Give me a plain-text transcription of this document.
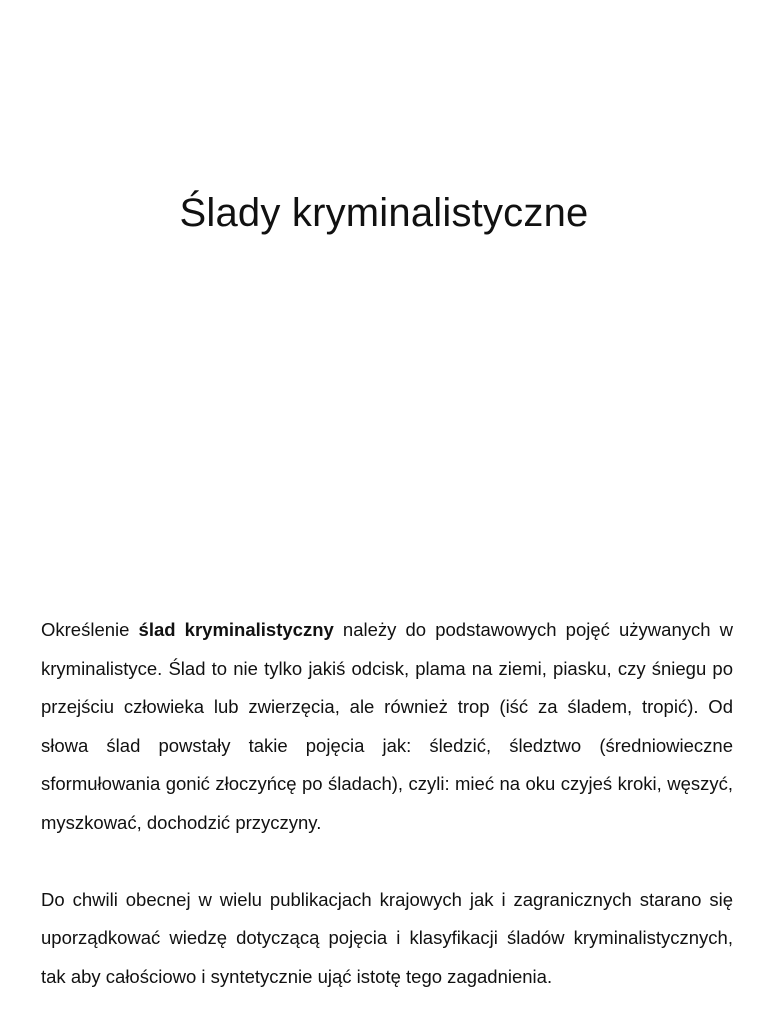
Ślady kryminalistyczne

Określenie ślad kryminalistyczny należy do podstawowych pojęć używanych w kryminalistyce. Ślad to nie tylko jakiś odcisk, plama na ziemi, piasku, czy śniegu po przejściu człowieka lub zwierzęcia, ale również trop (iść za śladem, tropić). Od słowa ślad powstały takie pojęcia jak: śledzić, śledztwo (średniowieczne sformułowania gonić złoczyńcę po śladach), czyli: mieć na oku czyjeś kroki, węszyć, myszkować, dochodzić przyczyny.

Do chwili obecnej w wielu publikacjach krajowych jak i zagranicznych starano się uporządkować wiedzę dotyczącą pojęcia i klasyfikacji śladów kryminalistycznych, tak aby całościowo i syntetycznie ująć istotę tego zagadnienia.
